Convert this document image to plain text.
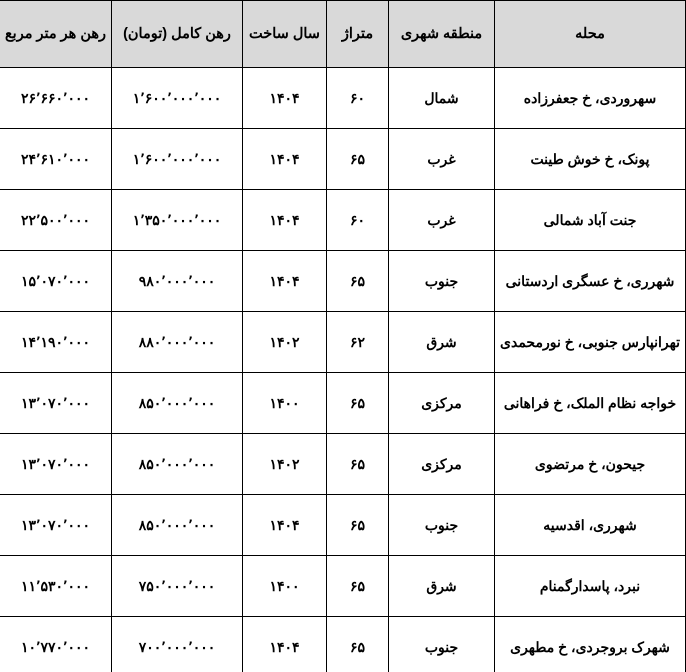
محله	منطقه شهری	متراژ	سال ساخت	رهن کامل (تومان)	رهن هر متر مربع
سهروردی، خ جعفرزاده	شمال	۶۰	۱۴۰۴	۱٬۶۰۰٬۰۰۰٬۰۰۰	۲۶٬۶۶۰٬۰۰۰
پونک، خ خوش طینت	غرب	۶۵	۱۴۰۴	۱٬۶۰۰٬۰۰۰٬۰۰۰	۲۴٬۶۱۰٬۰۰۰
جنت آباد شمالی	غرب	۶۰	۱۴۰۴	۱٬۳۵۰٬۰۰۰٬۰۰۰	۲۲٬۵۰۰٬۰۰۰
شهرری، خ عسگری اردستانی	جنوب	۶۵	۱۴۰۴	۹۸۰٬۰۰۰٬۰۰۰	۱۵٬۰۷۰٬۰۰۰
تهرانپارس جنوبی، خ نورمحمدی	شرق	۶۲	۱۴۰۲	۸۸۰٬۰۰۰٬۰۰۰	۱۴٬۱۹۰٬۰۰۰
خواجه نظام الملک، خ فراهانی	مرکزی	۶۵	۱۴۰۰	۸۵۰٬۰۰۰٬۰۰۰	۱۳٬۰۷۰٬۰۰۰
جیحون، خ مرتضوی	مرکزی	۶۵	۱۴۰۲	۸۵۰٬۰۰۰٬۰۰۰	۱۳٬۰۷۰٬۰۰۰
شهرری، اقدسیه	جنوب	۶۵	۱۴۰۴	۸۵۰٬۰۰۰٬۰۰۰	۱۳٬۰۷۰٬۰۰۰
نبرد، پاسدارگمنام	شرق	۶۵	۱۴۰۰	۷۵۰٬۰۰۰٬۰۰۰	۱۱٬۵۳۰٬۰۰۰
شهرک بروجردی، خ مطهری	جنوب	۶۵	۱۴۰۴	۷۰۰٬۰۰۰٬۰۰۰	۱۰٬۷۷۰٬۰۰۰
